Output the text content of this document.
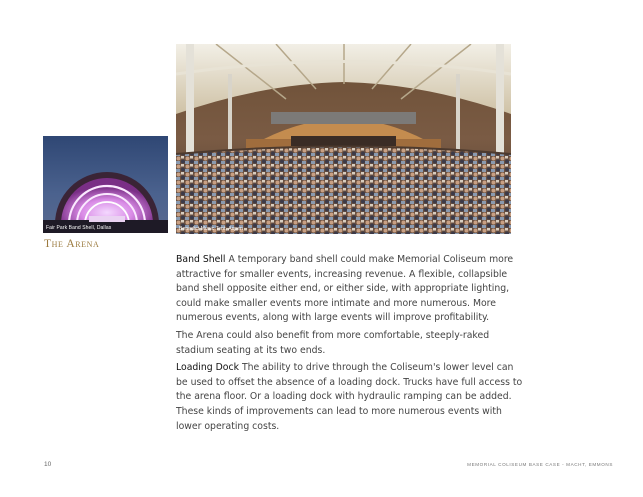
Fair Park Band Shell, Dallas	Benedict Music Tent, Aspen
The Arena

Band Shell A temporary band shell could make Memorial Coliseum more attractive for smaller events, increasing revenue. A flexible, collapsible band shell opposite either end, or either side, with appropriate lighting, could make smaller events more intimate and more numerous. More numerous events, along with large events will improve profitability.

The Arena could also benefit from more comfortable, steeply-raked stadium seating at its two ends.

Loading Dock The ability to drive through the Coliseum's lower level can be used to offset the absence of a loading dock. Trucks have full access to the arena floor. Or a loading dock with hydraulic ramping can be added. These kinds of improvements can lead to more numerous events with lower operating costs.

10	MEMORIAL COLISEUM BASE CASE - MACHT, EMMONS
